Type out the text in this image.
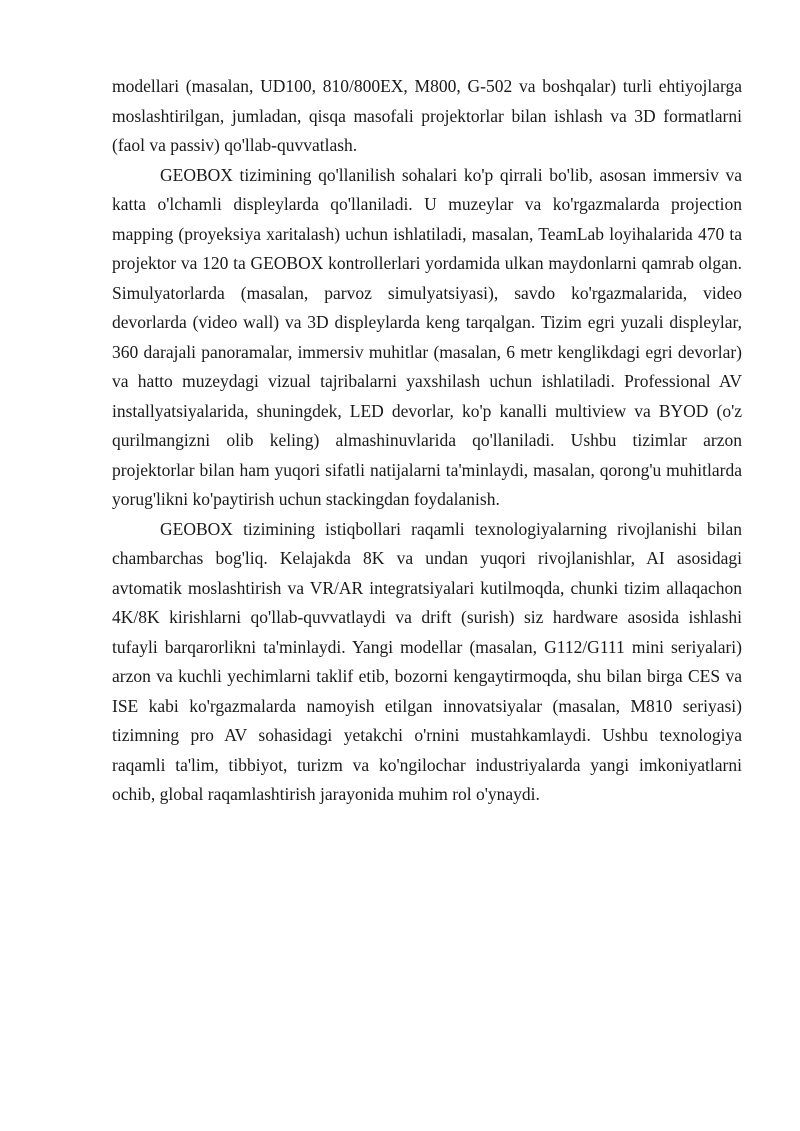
modellari (masalan, UD100, 810/800EX, M800, G-502 va boshqalar) turli ehtiyojlarga moslashtirilgan, jumladan, qisqa masofali projektorlar bilan ishlash va 3D formatlarni (faol va passiv) qo'llab-quvvatlash.

GEOBOX tizimining qo'llanilish sohalari ko'p qirrali bo'lib, asosan immersiv va katta o'lchamli displeylarda qo'llaniladi. U muzeylar va ko'rgazmalarda projection mapping (proyeksiya xaritalash) uchun ishlatiladi, masalan, TeamLab loyihalarida 470 ta projektor va 120 ta GEOBOX kontrollerlari yordamida ulkan maydonlarni qamrab olgan. Simulyatorlarda (masalan, parvoz simulyatsiyasi), savdo ko'rgazmalarida, video devorlarda (video wall) va 3D displeylarda keng tarqalgan. Tizim egri yuzali displeylar, 360 darajali panoramalar, immersiv muhitlar (masalan, 6 metr kenglikdagi egri devorlar) va hatto muzeydagi vizual tajribalarni yaxshilash uchun ishlatiladi. Professional AV installyatsiyalarida, shuningdek, LED devorlar, ko'p kanalli multiview va BYOD (o'z qurilmangizni olib keling) almashinuvlarida qo'llaniladi. Ushbu tizimlar arzon projektorlar bilan ham yuqori sifatli natijalarni ta'minlaydi, masalan, qorong'u muhitlarda yorug'likni ko'paytirish uchun stackingdan foydalanish.

GEOBOX tizimining istiqbollari raqamli texnologiyalarning rivojlanishi bilan chambarchas bog'liq. Kelajakda 8K va undan yuqori rivojlanishlar, AI asosidagi avtomatik moslashtirish va VR/AR integratsiyalari kutilmoqda, chunki tizim allaqachon 4K/8K kirishlarni qo'llab-quvvatlaydi va drift (surish) siz hardware asosida ishlashi tufayli barqarorlikni ta'minlaydi. Yangi modellar (masalan, G112/G111 mini seriyalari) arzon va kuchli yechimlarni taklif etib, bozorni kengaytirmoqda, shu bilan birga CES va ISE kabi ko'rgazmalarda namoyish etilgan innovatsiyalar (masalan, M810 seriyasi) tizimning pro AV sohasidagi yetakchi o'rnini mustahkamlaydi. Ushbu texnologiya raqamli ta'lim, tibbiyot, turizm va ko'ngilochar industriyalarda yangi imkoniyatlarni ochib, global raqamlashtirish jarayonida muhim rol o'ynaydi.
